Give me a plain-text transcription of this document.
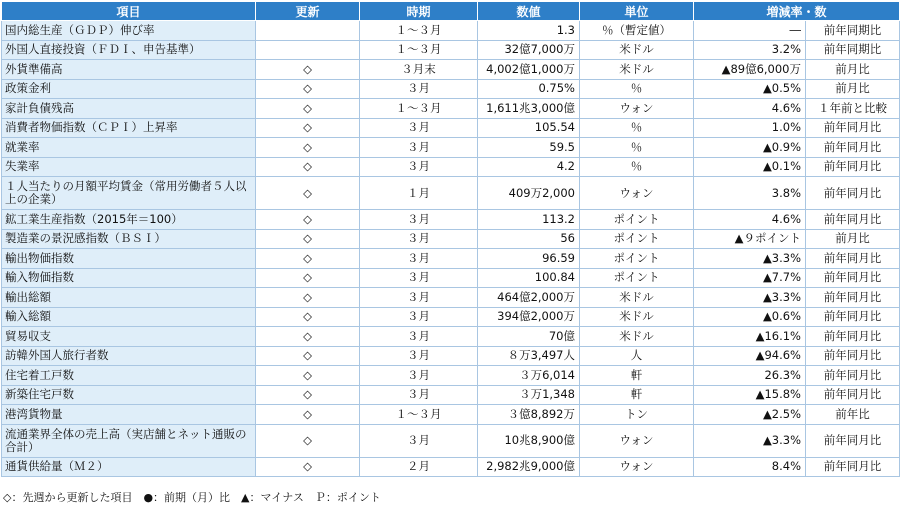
項目	更新	時期	数値	単位	増減率・数	
国内総生産（ＧＤＰ）伸び率		１～３月	1.3	％（暫定値）	―	前年同期比
外国人直接投資（ＦＤＩ、申告基準）		１～３月	32億7,000万	米ドル	3.2%	前年同期比
外貨準備高	◇	３月末	4,002億1,000万	米ドル	▲89億6,000万	前月比
政策金利	◇	３月	0.75%	％	▲0.5%	前月比
家計負債残高	◇	１～３月	1,611兆3,000億	ウォン	4.6%	１年前と比較
消費者物価指数（ＣＰＩ）上昇率	◇	３月	105.54	％	1.0%	前年同月比
就業率	◇	３月	59.5	％	▲0.9%	前年同月比
失業率	◇	３月	4.2	％	▲0.1%	前年同月比
１人当たりの月額平均賃金（常用労働者５人以上の企業）	◇	１月	409万2,000	ウォン	3.8%	前年同月比
鉱工業生産指数（2015年＝100）	◇	３月	113.2	ポイント	4.6%	前年同月比
製造業の景況感指数（ＢＳＩ）	◇	３月	56	ポイント	▲９ポイント	前月比
輸出物価指数	◇	３月	96.59	ポイント	▲3.3%	前年同月比
輸入物価指数	◇	３月	100.84	ポイント	▲7.7%	前年同月比
輸出総額	◇	３月	464億2,000万	米ドル	▲3.3%	前年同月比
輸入総額	◇	３月	394億2,000万	米ドル	▲0.6%	前年同月比
貿易収支	◇	３月	70億	米ドル	▲16.1%	前年同月比
訪韓外国人旅行者数	◇	３月	８万3,497人	人	▲94.6%	前年同月比
住宅着工戸数	◇	３月	３万6,014	軒	26.3%	前年同月比
新築住宅戸数	◇	３月	３万1,348	軒	▲15.8%	前年同月比
港湾貨物量	◇	１～３月	３億8,892万	トン	▲2.5%	前年比
流通業界全体の売上高（実店舗とネット通販の合計）	◇	３月	10兆8,900億	ウォン	▲3.3%	前年同月比
通貨供給量（Ｍ２）	◇	２月	2,982兆9,000億	ウォン	8.4%	前年同月比
◇：先週から更新した項目　●：前期（月）比　▲：マイナス　Ｐ：ポイント
